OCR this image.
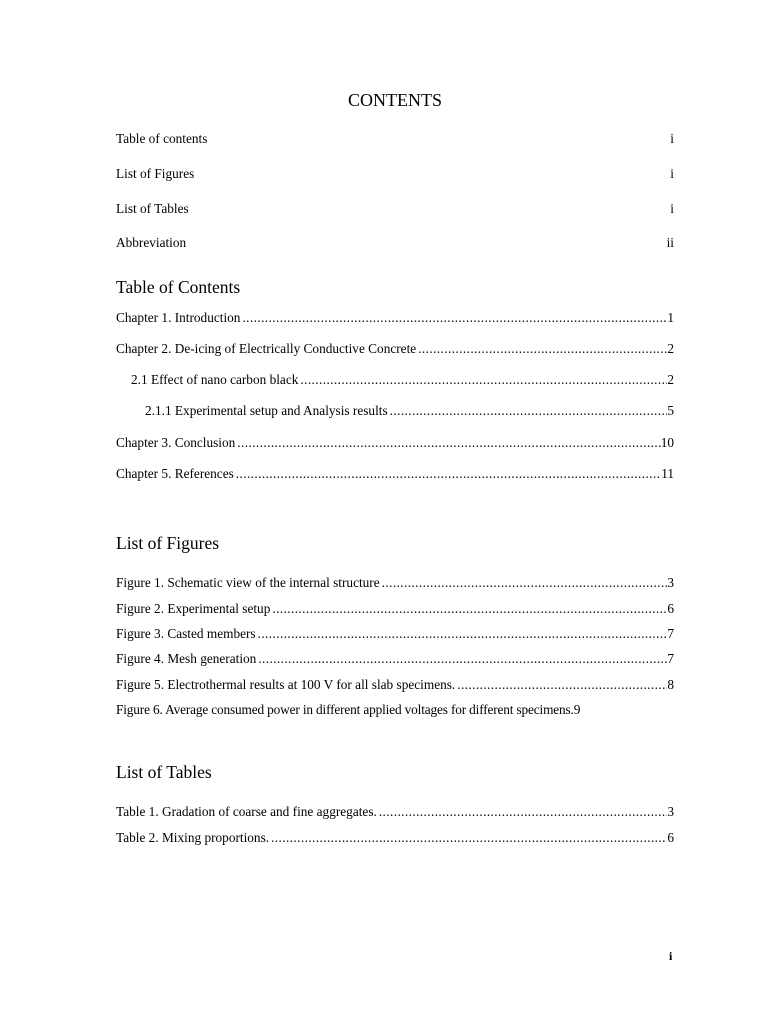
CONTENTS
Table of contents	i
List of Figures	i
List of Tables	i
Abbreviation	ii
Table of Contents
Chapter 1. Introduction .....	1
Chapter 2. De-icing of Electrically Conductive Concrete .....	2
2.1 Effect of nano carbon black .....	2
2.1.1 Experimental setup and Analysis results .....	5
Chapter 3. Conclusion .....	10
Chapter 5. References .....	11
List of Figures
Figure 1. Schematic view of the internal structure .....	3
Figure 2. Experimental setup .....	6
Figure 3. Casted members .....	7
Figure 4. Mesh generation .....	7
Figure 5. Electrothermal results at 100 V for all slab specimens. .....	8
Figure 6. Average consumed power in different applied voltages for different specimens. 9
List of Tables
Table 1. Gradation of coarse and fine aggregates. .....	3
Table 2. Mixing proportions. .....	6
i
